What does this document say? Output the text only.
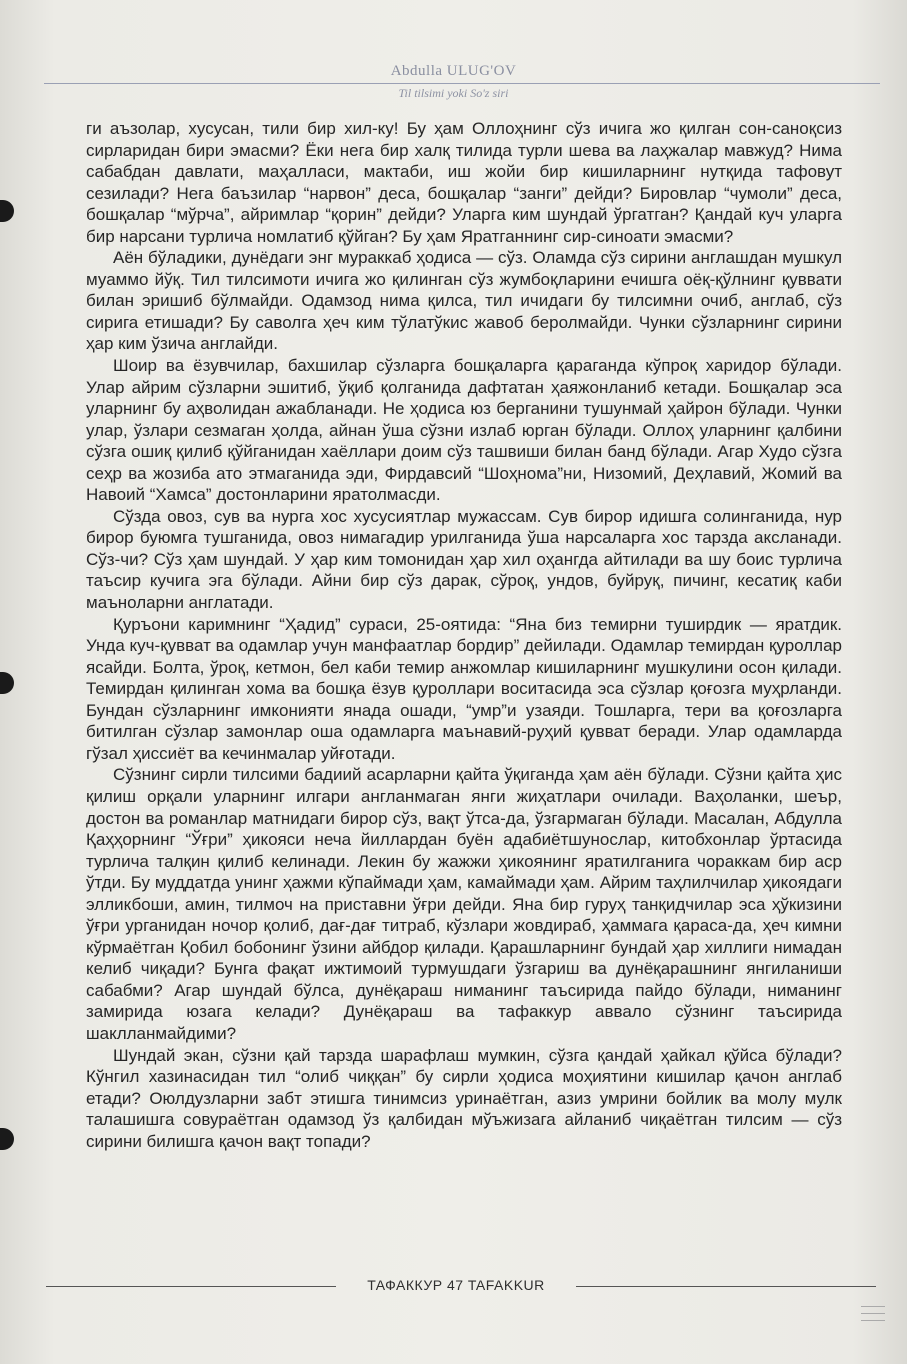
Abdulla ULUG'OV
Til tilsimi yoki So'z siri

ги аъзолар, хусусан, тили бир хил-ку! Бу ҳам Оллоҳнинг сўз ичига жо қилган сон-саноқсиз сирларидан бири эмасми? Ёки нега бир халқ тилида турли шева ва лаҳжалар мавжуд? Нима сабабдан давлати, маҳалласи, мактаби, иш жойи бир кишиларнинг нутқида тафовут сезилади? Нега баъзилар “нарвон” деса, бошқалар “занги” дейди? Бировлар “чумоли” деса, бошқалар “мўрча”, айримлар “қорин” дейди? Уларга ким шундай ўргатган? Қандай куч уларга бир нарсани турлича номлатиб қўйган? Бу ҳам Яратганнинг сир-синоати эмасми?

Аён бўладики, дунёдаги энг мураккаб ҳодиса — сўз. Оламда сўз сирини англашдан мушкул муаммо йўқ. Тил тилсимоти ичига жо қилинган сўз жумбоқларини ечишга оёқ-қўлнинг қуввати билан эришиб бўлмайди. Одамзод нима қилса, тил ичидаги бу тилсимни очиб, англаб, сўз сирига етишади? Бу саволга ҳеч ким тўлатўкис жавоб беролмайди. Чунки сўзларнинг сирини ҳар ким ўзича англайди.

Шоир ва ёзувчилар, бахшилар сўзларга бошқаларга қараганда кўпроқ харидор бўлади. Улар айрим сўзларни эшитиб, ўқиб қолганида дафтатан ҳаяжонланиб кетади. Бошқалар эса уларнинг бу аҳволидан ажабланади. Не ҳодиса юз берганини тушунмай ҳайрон бўлади. Чунки улар, ўзлари сезмаган ҳолда, айнан ўша сўзни излаб юрган бўлади. Оллоҳ уларнинг қалбини сўзга ошиқ қилиб қўйганидан хаёллари доим сўз ташвиши билан банд бўлади. Агар Худо сўзга сеҳр ва жозиба ато этмаганида эди, Фирдавсий “Шоҳнома”ни, Низомий, Деҳлавий, Жомий ва Навоий “Хамса” достонларини яратолмасди.

Сўзда овоз, сув ва нурга хос хусусиятлар мужассам. Сув бирор идишга солинганида, нур бирор буюмга тушганида, овоз нимагадир урилганида ўша нарсаларга хос тарзда аксланади. Сўз-чи? Сўз ҳам шундай. У ҳар ким томонидан ҳар хил оҳангда айтилади ва шу боис турлича таъсир кучига эга бўлади. Айни бир сўз дарак, сўроқ, ундов, буйруқ, пичинг, кесатиқ каби маъноларни англатади.

Қуръони каримнинг “Ҳадид” сураси, 25-оятида: “Яна биз темирни туширдик — яратдик. Унда куч-қувват ва одамлар учун манфаатлар бордир” дейилади. Одамлар темирдан қуроллар ясайди. Болта, ўроқ, кетмон, бел каби темир анжомлар кишиларнинг мушкулини осон қилади. Темирдан қилинган хома ва бошқа ёзув қуроллари воситасида эса сўзлар қоғозга муҳрланди. Бундан сўзларнинг имконияти янада ошади, “умр”и узаяди. Тошларга, тери ва қоғозларга битилган сўзлар замонлар оша одамларга маънавий-руҳий қувват беради. Улар одамларда гўзал ҳиссиёт ва кечинмалар уйғотади.

Сўзнинг сирли тилсими бадиий асарларни қайта ўқиганда ҳам аён бўлади. Сўзни қайта ҳис қилиш орқали уларнинг илгари англанмаган янги жиҳатлари очилади. Ваҳоланки, шеър, достон ва романлар матнидаги бирор сўз, вақт ўтса-да, ўзгармаган бўлади. Масалан, Абдулла Қаҳҳорнинг “Ўғри” ҳикояси неча йиллардан буён адабиётшунослар, китобхонлар ўртасида турлича талқин қилиб келинади. Лекин бу жажжи ҳикоянинг яратилганига чораккам бир аср ўтди. Бу муддатда унинг ҳажми кўпаймади ҳам, камаймади ҳам. Айрим таҳлилчилар ҳикоядаги элликбоши, амин, тилмоч на приставни ўғри дейди. Яна бир гуруҳ танқидчилар эса ҳўкизини ўғри урганидан ночор қолиб, дағ-дағ титраб, кўзлари жовдираб, ҳаммага қараса-да, ҳеч кимни кўрмаётган Қобил бобонинг ўзини айбдор қилади. Қарашларнинг бундай ҳар хиллиги нимадан келиб чиқади? Бунга фақат ижтимоий турмушдаги ўзгариш ва дунёқарашнинг янгиланиши сабабми? Агар шундай бўлса, дунёқараш ниманинг таъсирида пайдо бўлади, ниманинг замирида юзага келади? Дунёқараш ва тафаккур аввало сўзнинг таъсирида шаклланмайдими?

Шундай экан, сўзни қай тарзда шарафлаш мумкин, сўзга қандай ҳайкал қўйса бўлади? Кўнгил хазинасидан тил “олиб чиққан” бу сирли ҳодиса моҳиятини кишилар қачон англаб етади? Оюлдузларни забт этишга тинимсиз уринаётган, азиз умрини бойлик ва молу мулк талашишга совураётган одамзод ўз қалбидан мўъжизага айланиб чиқаётган тилсим — сўз сирини билишга қачон вақт топади?

ТАФАККУР 47 TAFAKKUR
